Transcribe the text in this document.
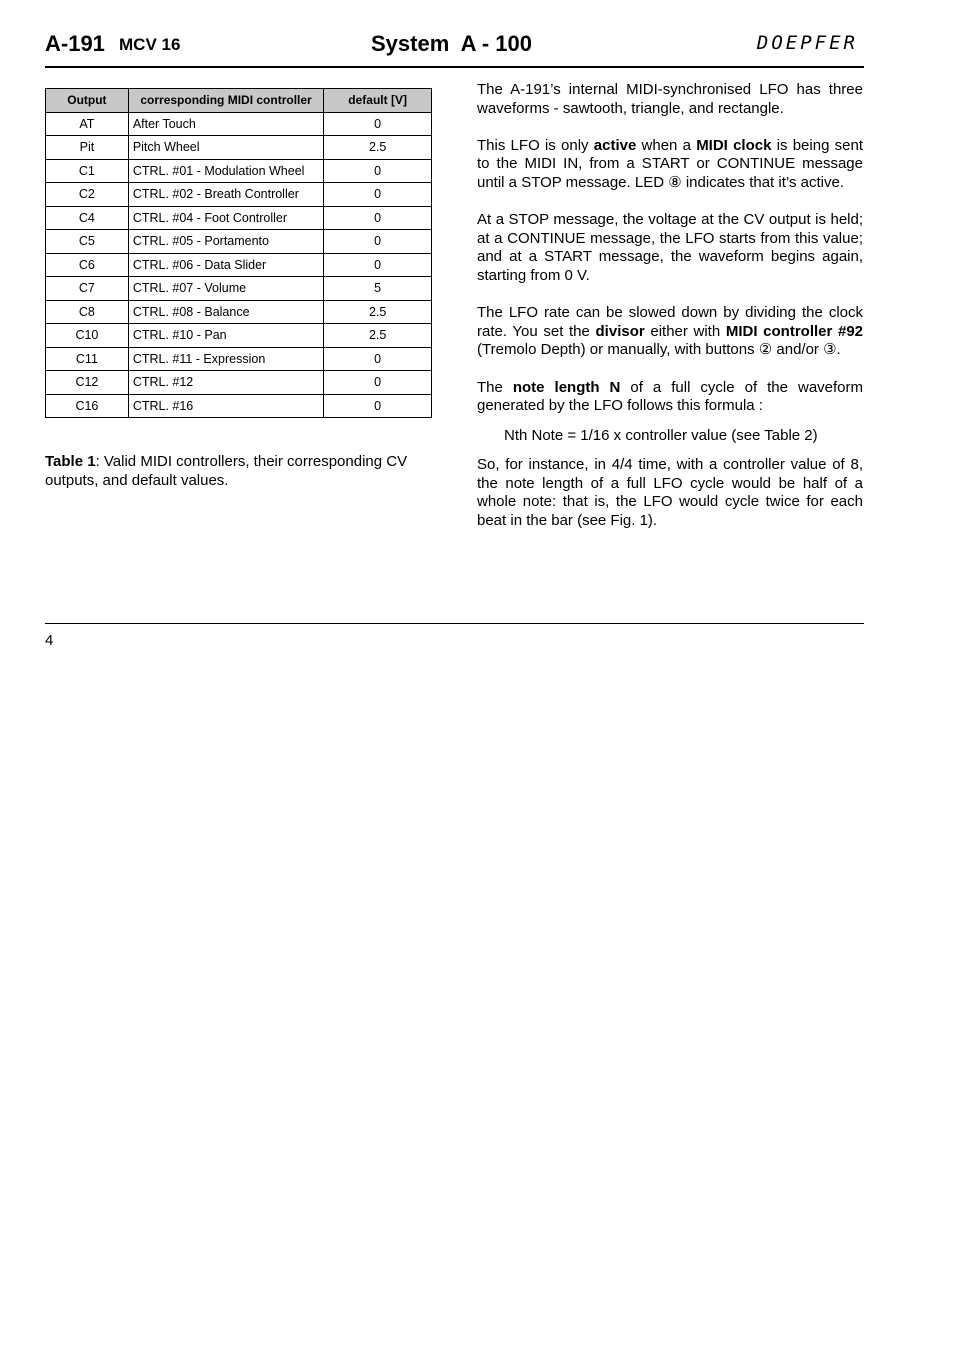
A-191 MCV 16	System  A - 100	DOEPFER
Output	corresponding MIDI controller	default [V]
AT	After Touch	0
Pit	Pitch Wheel	2.5
C1	CTRL. #01 - Modulation Wheel	0
C2	CTRL. #02 - Breath Controller	0
C4	CTRL. #04 - Foot Controller	0
C5	CTRL. #05 - Portamento	0
C6	CTRL. #06 - Data Slider	0
C7	CTRL. #07 - Volume	5
C8	CTRL. #08 - Balance	2.5
C10	CTRL. #10 - Pan	2.5
C11	CTRL. #11 - Expression	0
C12	CTRL. #12	0
C16	CTRL. #16	0
Table 1: Valid MIDI controllers, their corresponding CV outputs, and default values.

The A-191’s internal MIDI-synchronised LFO has three waveforms - sawtooth, triangle, and rectangle.

This LFO is only active when a MIDI clock is being sent to the MIDI IN, from a START or CONTINUE message until a STOP message. LED ⑧ indicates that it’s active.

At a STOP message, the voltage at the CV output is held; at a CONTINUE message, the LFO starts from this value; and at a START message, the waveform begins again, starting from 0 V.

The LFO rate can be slowed down by dividing the clock rate. You set the divisor either with MIDI controller #92 (Tremolo Depth) or manually, with buttons ② and/or ③.

The note length N of a full cycle of the waveform generated by the LFO follows this formula :

Nth Note = 1/16 x controller value (see Table 2)

So, for instance, in 4/4 time, with a controller value of 8, the note length of a full LFO cycle would be half of a whole note: that is, the LFO would cycle twice for each beat in the bar (see Fig. 1).

4
